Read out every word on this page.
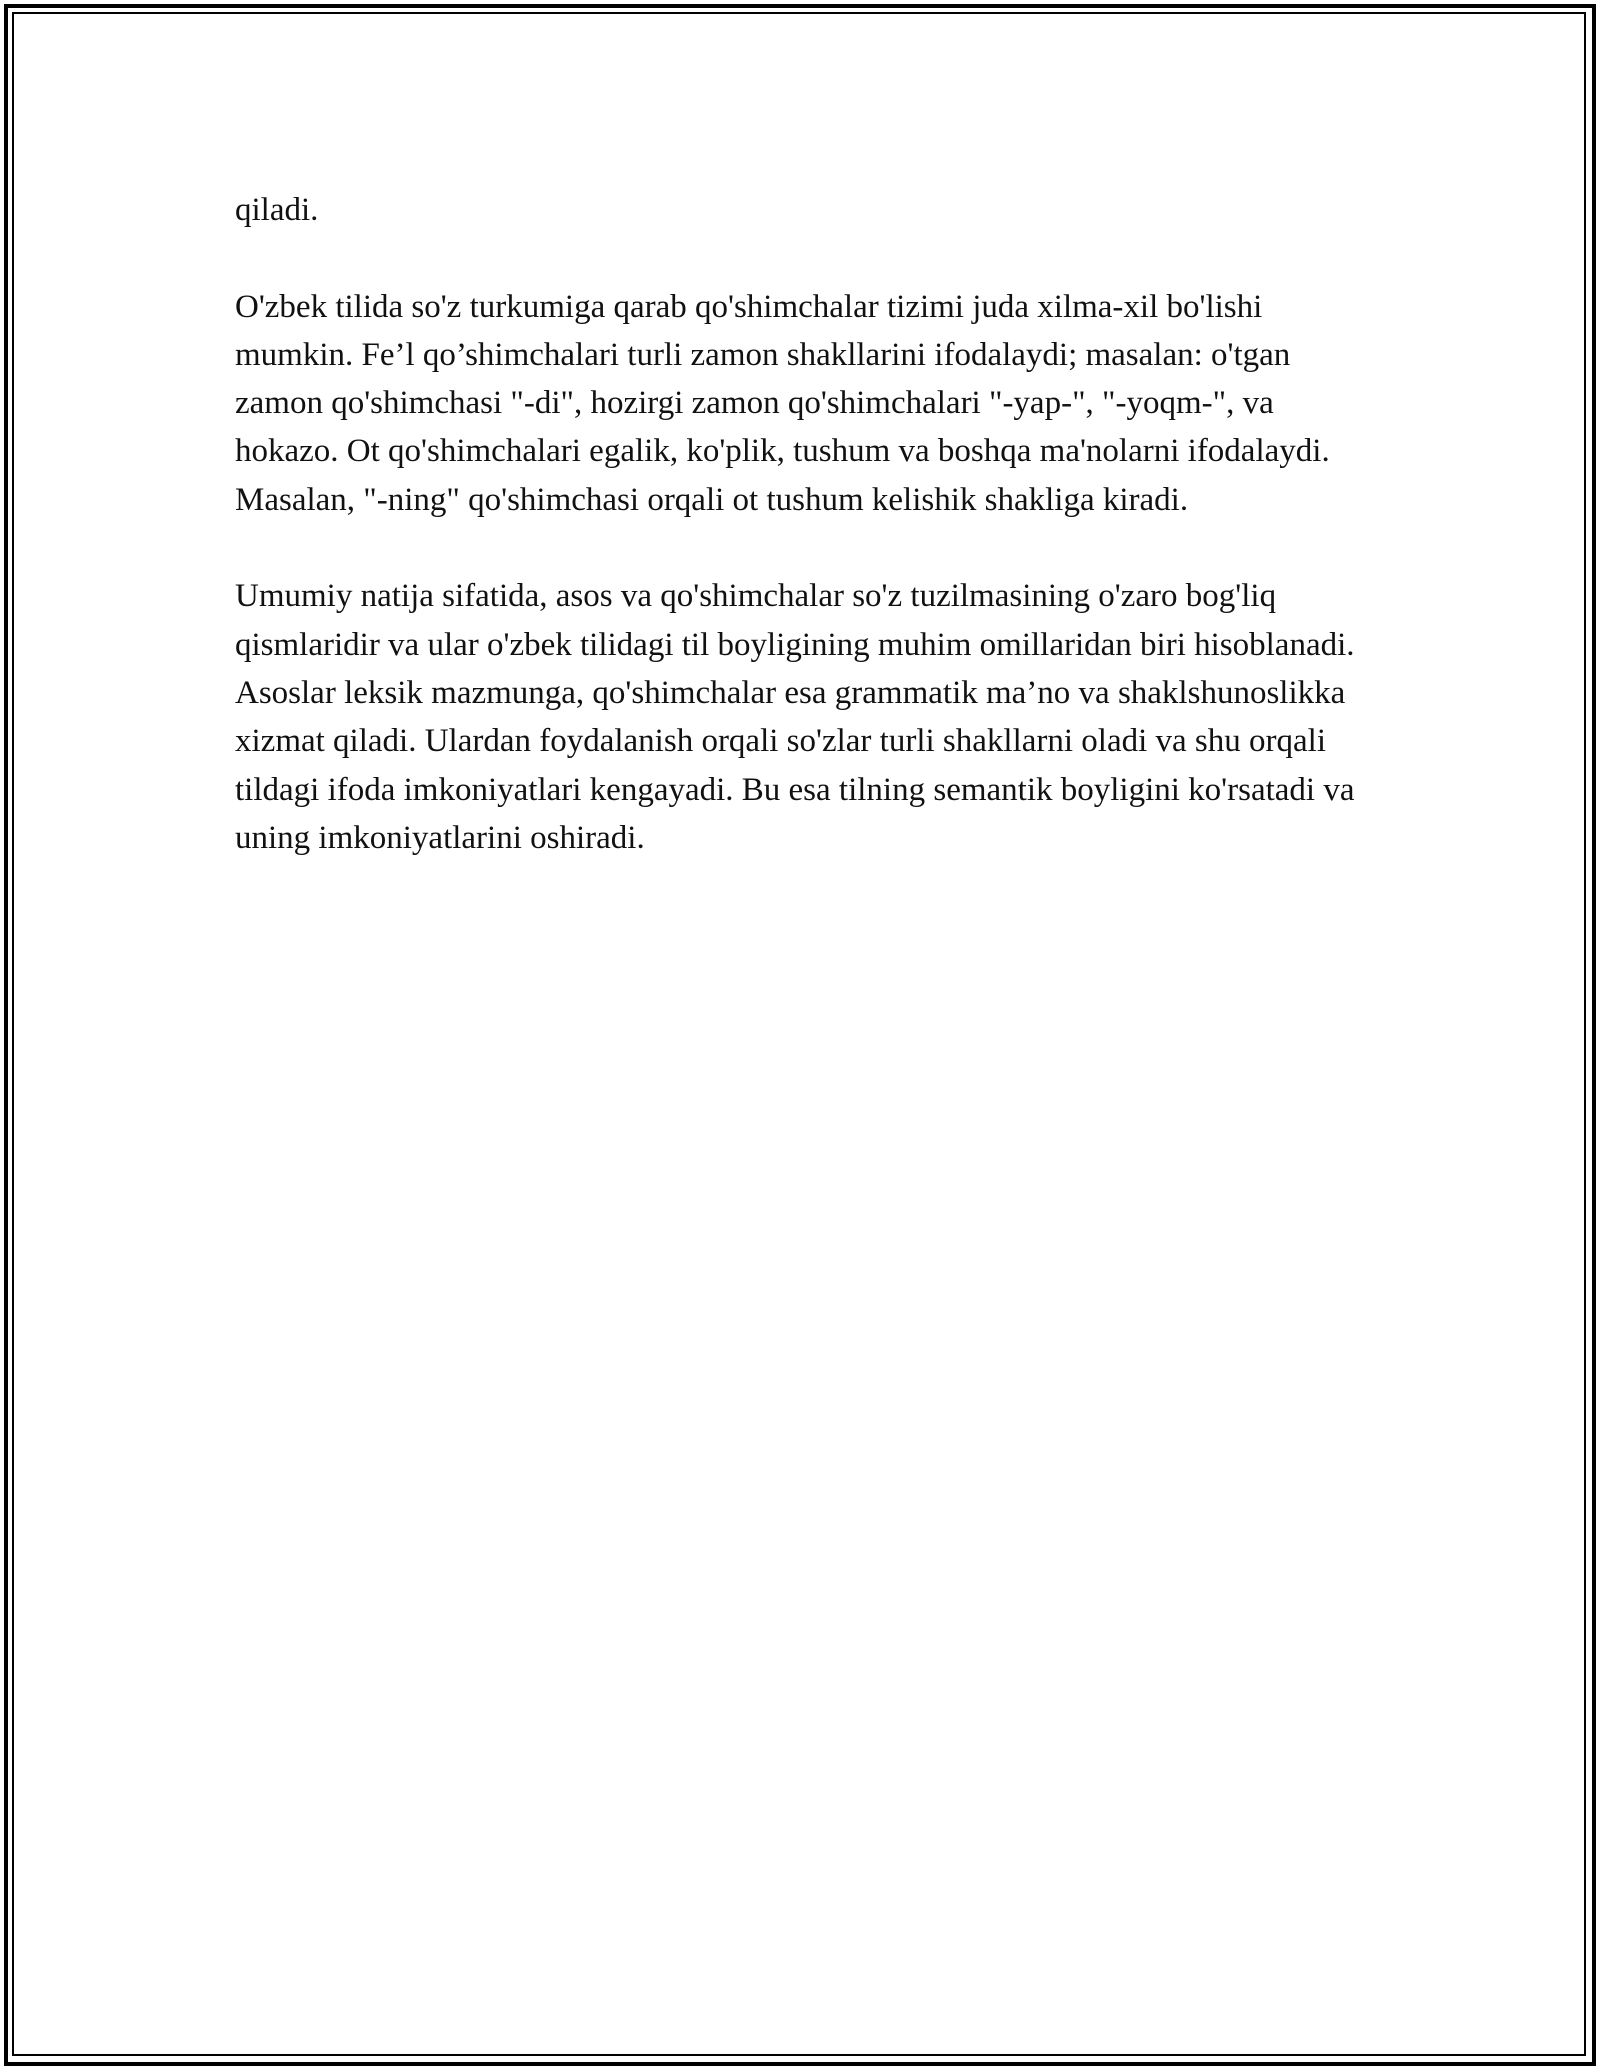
qiladi.

O'zbek tilida so'z turkumiga qarab qo'shimchalar tizimi juda xilma-xil bo'lishi mumkin. Fe’l qo’shimchalari turli zamon shakllarini ifodalaydi; masalan: o'tgan zamon qo'shimchasi "-di", hozirgi zamon qo'shimchalari "-yap-", "-yoqm-", va hokazo. Ot qo'shimchalari egalik, ko'plik, tushum va boshqa ma'nolarni ifodalaydi. Masalan, "-ning" qo'shimchasi orqali ot tushum kelishik shakliga kiradi.

Umumiy natija sifatida, asos va qo'shimchalar so'z tuzilmasining o'zaro bog'liq qismlaridir va ular o'zbek tilidagi til boyligining muhim omillaridan biri hisoblanadi. Asoslar leksik mazmunga, qo'shimchalar esa grammatik ma’no va shaklshunoslikka xizmat qiladi. Ulardan foydalanish orqali so'zlar turli shakllarni oladi va shu orqali tildagi ifoda imkoniyatlari kengayadi. Bu esa tilning semantik boyligini ko'rsatadi va uning imkoniyatlarini oshiradi.
